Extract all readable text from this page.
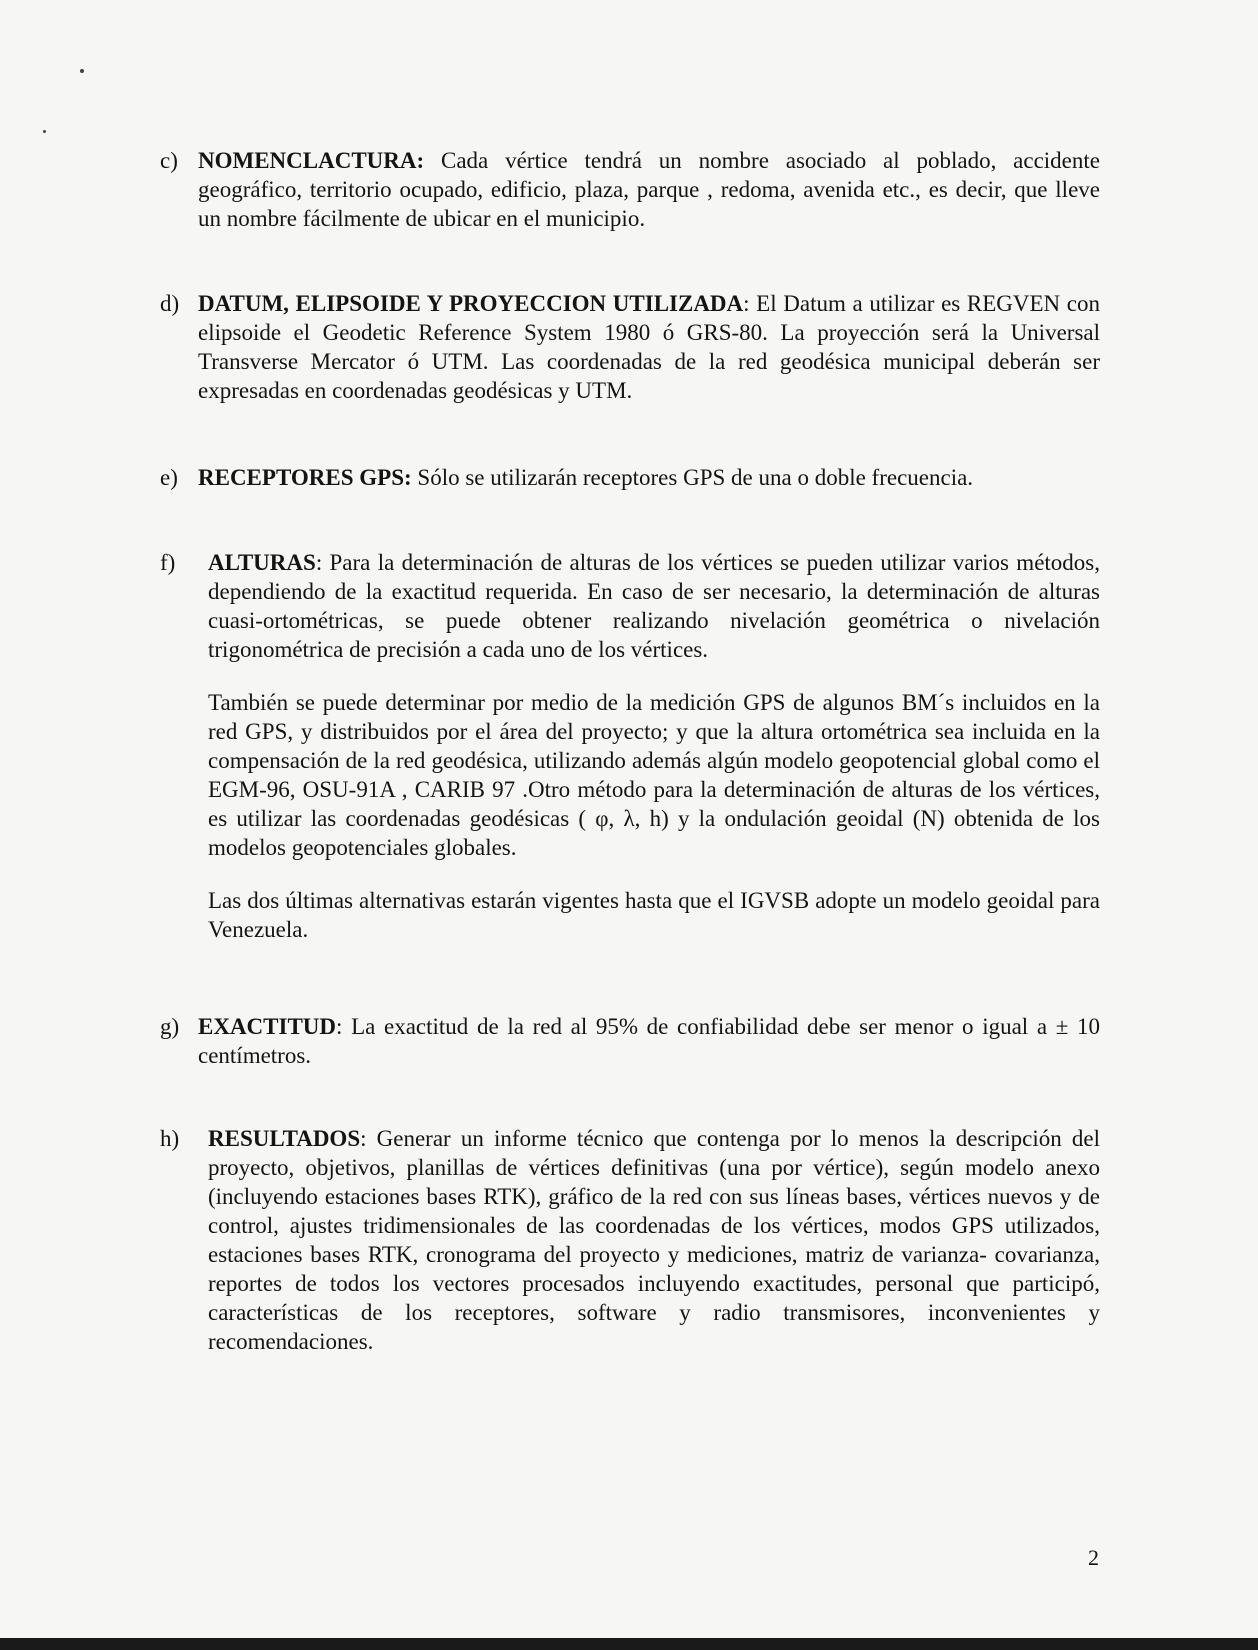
c) NOMENCLACTURA: Cada vértice tendrá un nombre asociado al poblado, accidente geográfico, territorio ocupado, edificio, plaza, parque , redoma, avenida etc., es decir, que lleve un nombre fácilmente de ubicar en el municipio.

d) DATUM, ELIPSOIDE Y PROYECCION UTILIZADA: El Datum a utilizar es REGVEN con elipsoide el Geodetic Reference System 1980 ó GRS-80. La proyección será la Universal Transverse Mercator ó UTM. Las coordenadas de la red geodésica municipal deberán ser expresadas en coordenadas geodésicas y UTM.

e) RECEPTORES GPS: Sólo se utilizarán receptores GPS de una o doble frecuencia.

f) ALTURAS: Para la determinación de alturas de los vértices se pueden utilizar varios métodos, dependiendo de la exactitud requerida. En caso de ser necesario, la determinación de alturas cuasi-ortométricas, se puede obtener realizando nivelación geométrica o nivelación trigonométrica de precisión a cada uno de los vértices.

También se puede determinar por medio de la medición GPS de algunos BM´s incluidos en la red GPS, y distribuidos por el área del proyecto; y que la altura ortométrica sea incluida en la compensación de la red geodésica, utilizando además algún modelo geopotencial global como el EGM-96, OSU-91A , CARIB 97 .Otro método para la determinación de alturas de los vértices, es utilizar las coordenadas geodésicas ( φ, λ, h) y la ondulación geoidal (N) obtenida de los modelos geopotenciales globales.

Las dos últimas alternativas estarán vigentes hasta que el IGVSB adopte un modelo geoidal para Venezuela.

g) EXACTITUD: La exactitud de la red al 95% de confiabilidad debe ser menor o igual a ± 10 centímetros.

h) RESULTADOS: Generar un informe técnico que contenga por lo menos la descripción del proyecto, objetivos, planillas de vértices definitivas (una por vértice), según modelo anexo (incluyendo estaciones bases RTK), gráfico de la red con sus líneas bases, vértices nuevos y de control, ajustes tridimensionales de las coordenadas de los vértices, modos GPS utilizados, estaciones bases RTK, cronograma del proyecto y mediciones, matriz de varianza- covarianza, reportes de todos los vectores procesados incluyendo exactitudes, personal que participó, características de los receptores, software y radio transmisores, inconvenientes y recomendaciones.

2
